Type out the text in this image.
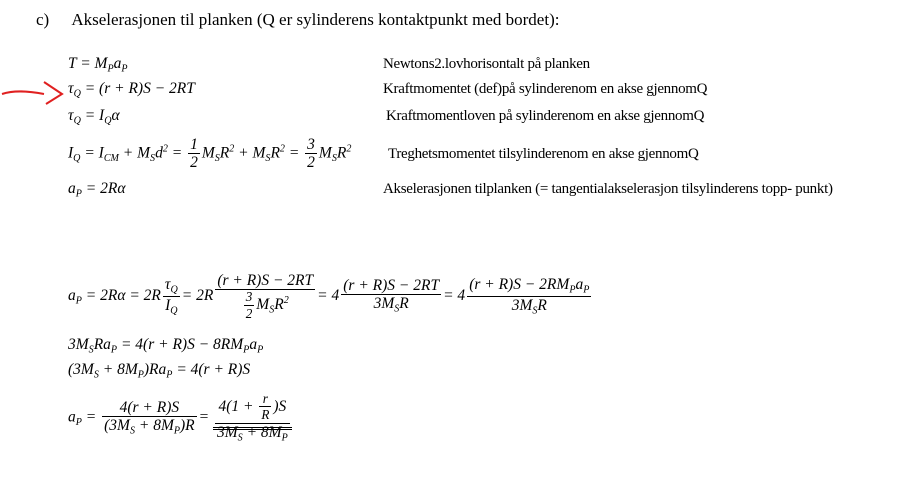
c) Akselerasjonen til planken (Q er sylinderens kontaktpunkt med bordet):
$T = M_Pa_P$	Newtons2.lovhorisontalt på planken
$\tau_Q = (r + R)S - 2RT$	Kraftmomentet (def)på sylinderenom en akse gjennomQ
$\tau_Q = I_Q\alpha$	Kraftmomentloven på sylinderenom en akse gjennomQ
$I_Q = I_{CM} + M_Sd^2 = \frac{1}{2} M_SR^2 + M_SR^2 = \frac{3}{2} M_SR^2$ Treghetsmomentet tilsylinderenom en akse gjennomQ
$a_P = 2R\alpha$	Akselerasjonen tilplanken (= tangentialakselerasjon tilsylinderens topp- punkt)
$a_P = 2R\alpha = 2R \frac{\tau_Q}{I_Q} = 2R \frac{(r + R)S - 2RT}{\frac{3}{2} M_SR^2} = 4 \frac{(r + R)S - 2RT}{3M_SR} = 4 \frac{(r + R)S - 2RM_Pa_P}{3M_SR}$
$3M_SRa_P = 4(r + R)S - 8RM_Pa_P$
$(3M_S + 8M_P)Ra_P = 4(r + R)S$
$a_P = \frac{4(r + R)S}{(3M_S + 8M_P)R} = \frac{4(1 + \frac{r}{R} )S}{3M_S + 8M_P}$
